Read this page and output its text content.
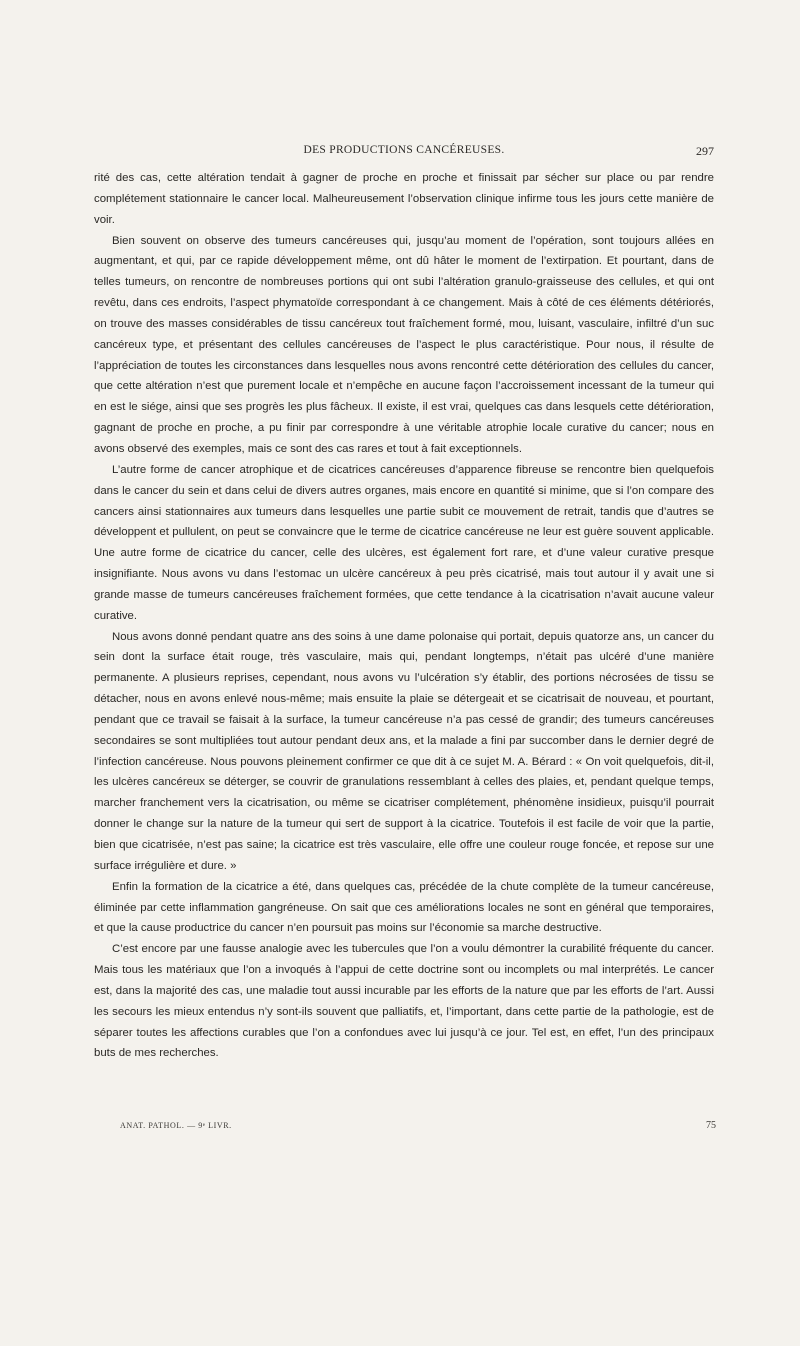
DES PRODUCTIONS CANCÉREUSES.	297

rité des cas, cette altération tendait à gagner de proche en proche et finissait par sécher sur place ou par rendre complétement stationnaire le cancer local. Malheureusement l’observation clinique infirme tous les jours cette manière de voir.

Bien souvent on observe des tumeurs cancéreuses qui, jusqu’au moment de l’opération, sont toujours allées en augmentant, et qui, par ce rapide développement même, ont dû hâter le moment de l’extirpation. Et pourtant, dans de telles tumeurs, on rencontre de nombreuses portions qui ont subi l’altération granulo-graisseuse des cellules, et qui ont revêtu, dans ces endroits, l’aspect phymatoïde correspondant à ce changement. Mais à côté de ces éléments détériorés, on trouve des masses considérables de tissu cancéreux tout fraîchement formé, mou, luisant, vasculaire, infiltré d’un suc cancéreux type, et présentant des cellules cancéreuses de l’aspect le plus caractéristique. Pour nous, il résulte de l’appréciation de toutes les circonstances dans lesquelles nous avons rencontré cette détérioration des cellules du cancer, que cette altération n’est que purement locale et n’empêche en aucune façon l’accroissement incessant de la tumeur qui en est le siége, ainsi que ses progrès les plus fâcheux. Il existe, il est vrai, quelques cas dans lesquels cette détérioration, gagnant de proche en proche, a pu finir par correspondre à une véritable atrophie locale curative du cancer; nous en avons observé des exemples, mais ce sont des cas rares et tout à fait exceptionnels.

L’autre forme de cancer atrophique et de cicatrices cancéreuses d’apparence fibreuse se rencontre bien quelquefois dans le cancer du sein et dans celui de divers autres organes, mais encore en quantité si minime, que si l’on compare des cancers ainsi stationnaires aux tumeurs dans lesquelles une partie subit ce mouvement de retrait, tandis que d’autres se développent et pullulent, on peut se convaincre que le terme de cicatrice cancéreuse ne leur est guère souvent applicable. Une autre forme de cicatrice du cancer, celle des ulcères, est également fort rare, et d’une valeur curative presque insignifiante. Nous avons vu dans l’estomac un ulcère cancéreux à peu près cicatrisé, mais tout autour il y avait une si grande masse de tumeurs cancéreuses fraîchement formées, que cette tendance à la cicatrisation n’avait aucune valeur curative.

Nous avons donné pendant quatre ans des soins à une dame polonaise qui portait, depuis quatorze ans, un cancer du sein dont la surface était rouge, très vasculaire, mais qui, pendant longtemps, n’était pas ulcéré d’une manière permanente. A plusieurs reprises, cependant, nous avons vu l’ulcération s’y établir, des portions nécrosées de tissu se détacher, nous en avons enlevé nous-même; mais ensuite la plaie se détergeait et se cicatrisait de nouveau, et pourtant, pendant que ce travail se faisait à la surface, la tumeur cancéreuse n’a pas cessé de grandir; des tumeurs cancéreuses secondaires se sont multipliées tout autour pendant deux ans, et la malade a fini par succomber dans le dernier degré de l’infection cancéreuse. Nous pouvons pleinement confirmer ce que dit à ce sujet M. A. Bérard : « On voit quelquefois, dit-il, les ulcères cancéreux se déterger, se couvrir de granulations ressemblant à celles des plaies, et, pendant quelque temps, marcher franchement vers la cicatrisation, ou même se cicatriser complétement, phénomène insidieux, puisqu’il pourrait donner le change sur la nature de la tumeur qui sert de support à la cicatrice. Toutefois il est facile de voir que la partie, bien que cicatrisée, n’est pas saine; la cicatrice est très vasculaire, elle offre une couleur rouge foncée, et repose sur une surface irrégulière et dure. »

Enfin la formation de la cicatrice a été, dans quelques cas, précédée de la chute complète de la tumeur cancéreuse, éliminée par cette inflammation gangréneuse. On sait que ces améliorations locales ne sont en général que temporaires, et que la cause productrice du cancer n’en poursuit pas moins sur l’économie sa marche destructive.

C’est encore par une fausse analogie avec les tubercules que l’on a voulu démontrer la curabilité fréquente du cancer. Mais tous les matériaux que l’on a invoqués à l’appui de cette doctrine sont ou incomplets ou mal interprétés. Le cancer est, dans la majorité des cas, une maladie tout aussi incurable par les efforts de la nature que par les efforts de l’art. Aussi les secours les mieux entendus n’y sont-ils souvent que palliatifs, et, l’important, dans cette partie de la pathologie, est de séparer toutes les affections curables que l’on a confondues avec lui jusqu’à ce jour. Tel est, en effet, l’un des principaux buts de mes recherches.

ANAT. PATHOL. — 9ᵉ LIVR.	75
